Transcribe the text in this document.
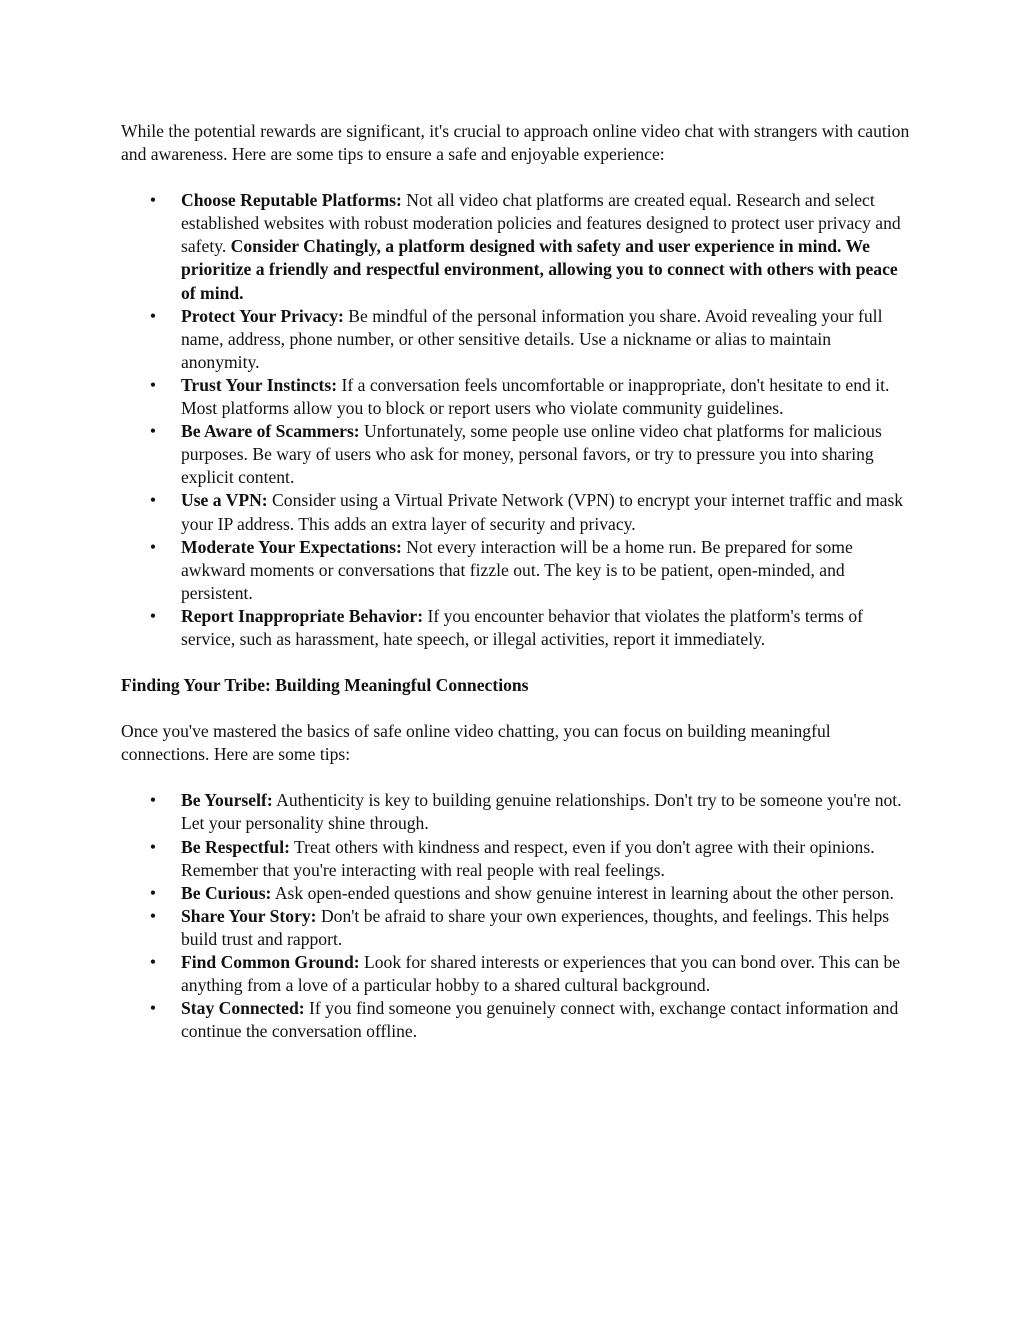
While the potential rewards are significant, it's crucial to approach online video chat with strangers with caution and awareness. Here are some tips to ensure a safe and enjoyable experience:

• Choose Reputable Platforms: Not all video chat platforms are created equal. Research and select established websites with robust moderation policies and features designed to protect user privacy and safety. Consider Chatingly, a platform designed with safety and user experience in mind. We prioritize a friendly and respectful environment, allowing you to connect with others with peace of mind.
• Protect Your Privacy: Be mindful of the personal information you share. Avoid revealing your full name, address, phone number, or other sensitive details. Use a nickname or alias to maintain anonymity.
• Trust Your Instincts: If a conversation feels uncomfortable or inappropriate, don't hesitate to end it. Most platforms allow you to block or report users who violate community guidelines.
• Be Aware of Scammers: Unfortunately, some people use online video chat platforms for malicious purposes. Be wary of users who ask for money, personal favors, or try to pressure you into sharing explicit content.
• Use a VPN: Consider using a Virtual Private Network (VPN) to encrypt your internet traffic and mask your IP address. This adds an extra layer of security and privacy.
• Moderate Your Expectations: Not every interaction will be a home run. Be prepared for some awkward moments or conversations that fizzle out. The key is to be patient, open-minded, and persistent.
• Report Inappropriate Behavior: If you encounter behavior that violates the platform's terms of service, such as harassment, hate speech, or illegal activities, report it immediately.

Finding Your Tribe: Building Meaningful Connections

Once you've mastered the basics of safe online video chatting, you can focus on building meaningful connections. Here are some tips:

• Be Yourself: Authenticity is key to building genuine relationships. Don't try to be someone you're not. Let your personality shine through.
• Be Respectful: Treat others with kindness and respect, even if you don't agree with their opinions. Remember that you're interacting with real people with real feelings.
• Be Curious: Ask open-ended questions and show genuine interest in learning about the other person.
• Share Your Story: Don't be afraid to share your own experiences, thoughts, and feelings. This helps build trust and rapport.
• Find Common Ground: Look for shared interests or experiences that you can bond over. This can be anything from a love of a particular hobby to a shared cultural background.
• Stay Connected: If you find someone you genuinely connect with, exchange contact information and continue the conversation offline.
